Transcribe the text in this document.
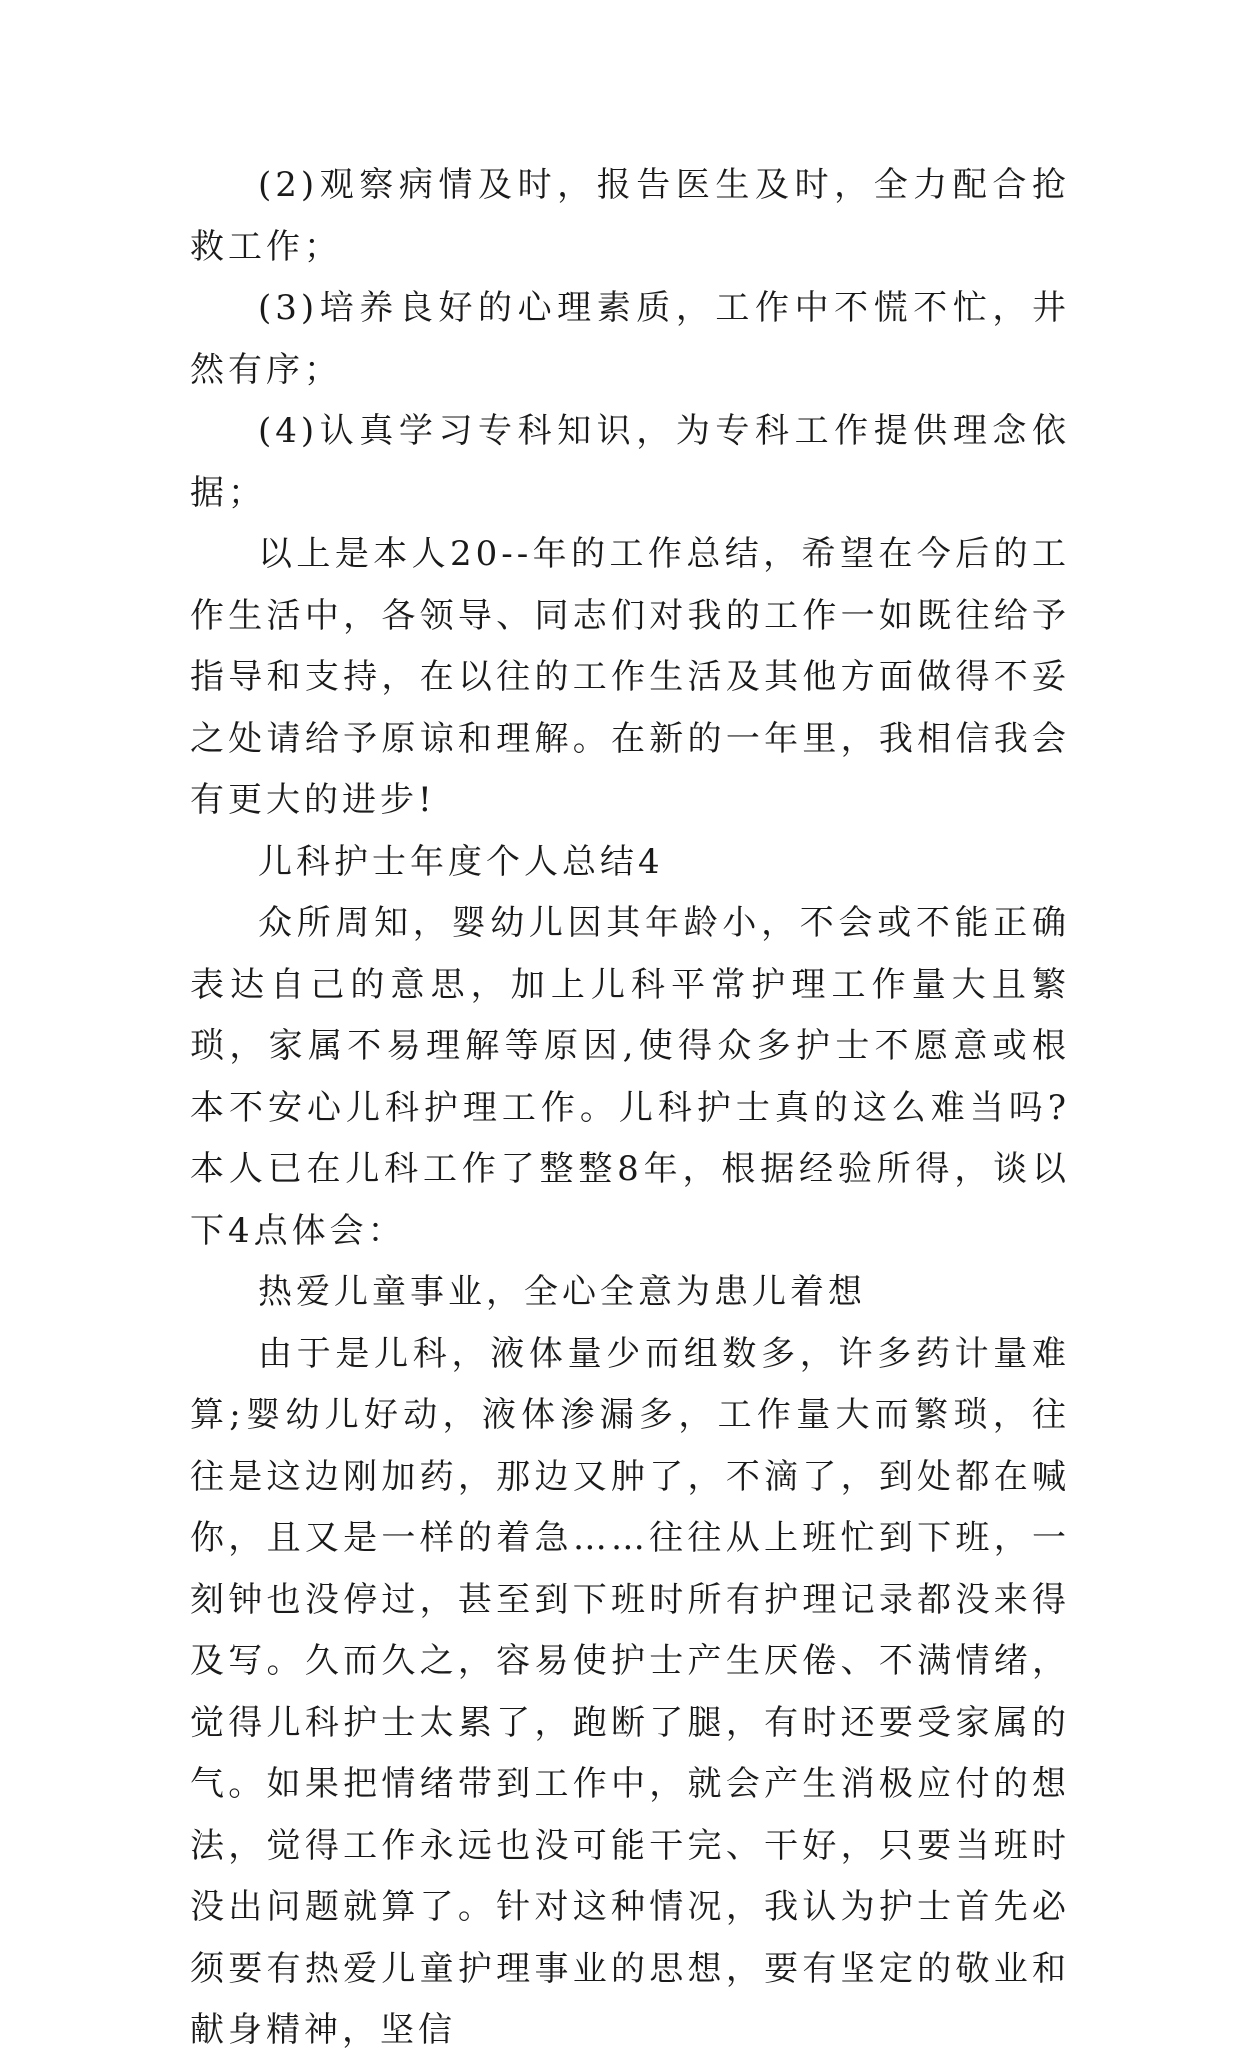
(2)观察病情及时，报告医生及时，全力配合抢救工作；

(3)培养良好的心理素质，工作中不慌不忙，井然有序；

(4)认真学习专科知识，为专科工作提供理念依据；

以上是本人20--年的工作总结，希望在今后的工作生活中，各领导、同志们对我的工作一如既往给予指导和支持，在以往的工作生活及其他方面做得不妥之处请给予原谅和理解。在新的一年里，我相信我会有更大的进步!

儿科护士年度个人总结4

众所周知，婴幼儿因其年龄小，不会或不能正确表达自己的意思，加上儿科平常护理工作量大且繁琐，家属不易理解等原因,使得众多护士不愿意或根本不安心儿科护理工作。儿科护士真的这么难当吗?本人已在儿科工作了整整8年，根据经验所得，谈以下4点体会：

热爱儿童事业，全心全意为患儿着想

由于是儿科，液体量少而组数多，许多药计量难算;婴幼儿好动，液体渗漏多，工作量大而繁琐，往往是这边刚加药，那边又肿了，不滴了，到处都在喊你，且又是一样的着急……往往从上班忙到下班，一刻钟也没停过，甚至到下班时所有护理记录都没来得及写。久而久之，容易使护士产生厌倦、不满情绪，觉得儿科护士太累了，跑断了腿，有时还要受家属的气。如果把情绪带到工作中，就会产生消极应付的想法，觉得工作永远也没可能干完、干好，只要当班时没出问题就算了。针对这种情况，我认为护士首先必须要有热爱儿童护理事业的思想，要有坚定的敬业和献身精神，坚信
